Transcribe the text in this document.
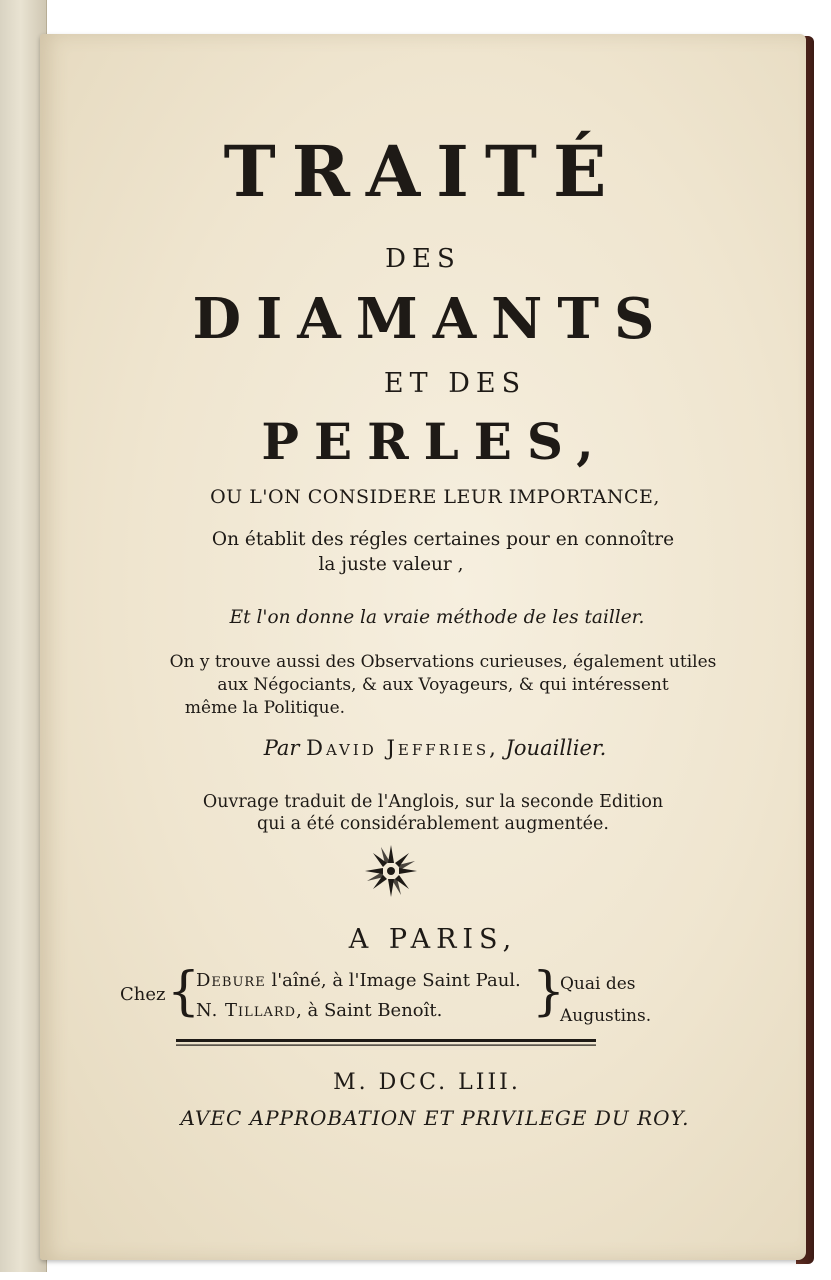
TRAITÉ
DES
DIAMANTS
ET DES
PERLES,
OU L'ON CONSIDERE LEUR IMPORTANCE,
On établit des régles certaines pour en connoître
la juste valeur ,
Et l'on donne la vraie méthode de les tailler.
On y trouve aussi des Observations curieuses, également utiles
aux Négociants, & aux Voyageurs, & qui intéressent
même la Politique.
Par David Jeffries, Jouaillier.
Ouvrage traduit de l'Anglois, sur la seconde Edition
qui a été considérablement augmentée.
A PARIS,
Chez {
Debure l'aîné, à l'Image Saint Paul.
N. Tillard, à Saint Benoît. }
Quai des
Augustins.
M. DCC. LIII.
AVEC APPROBATION ET PRIVILEGE DU ROY.
